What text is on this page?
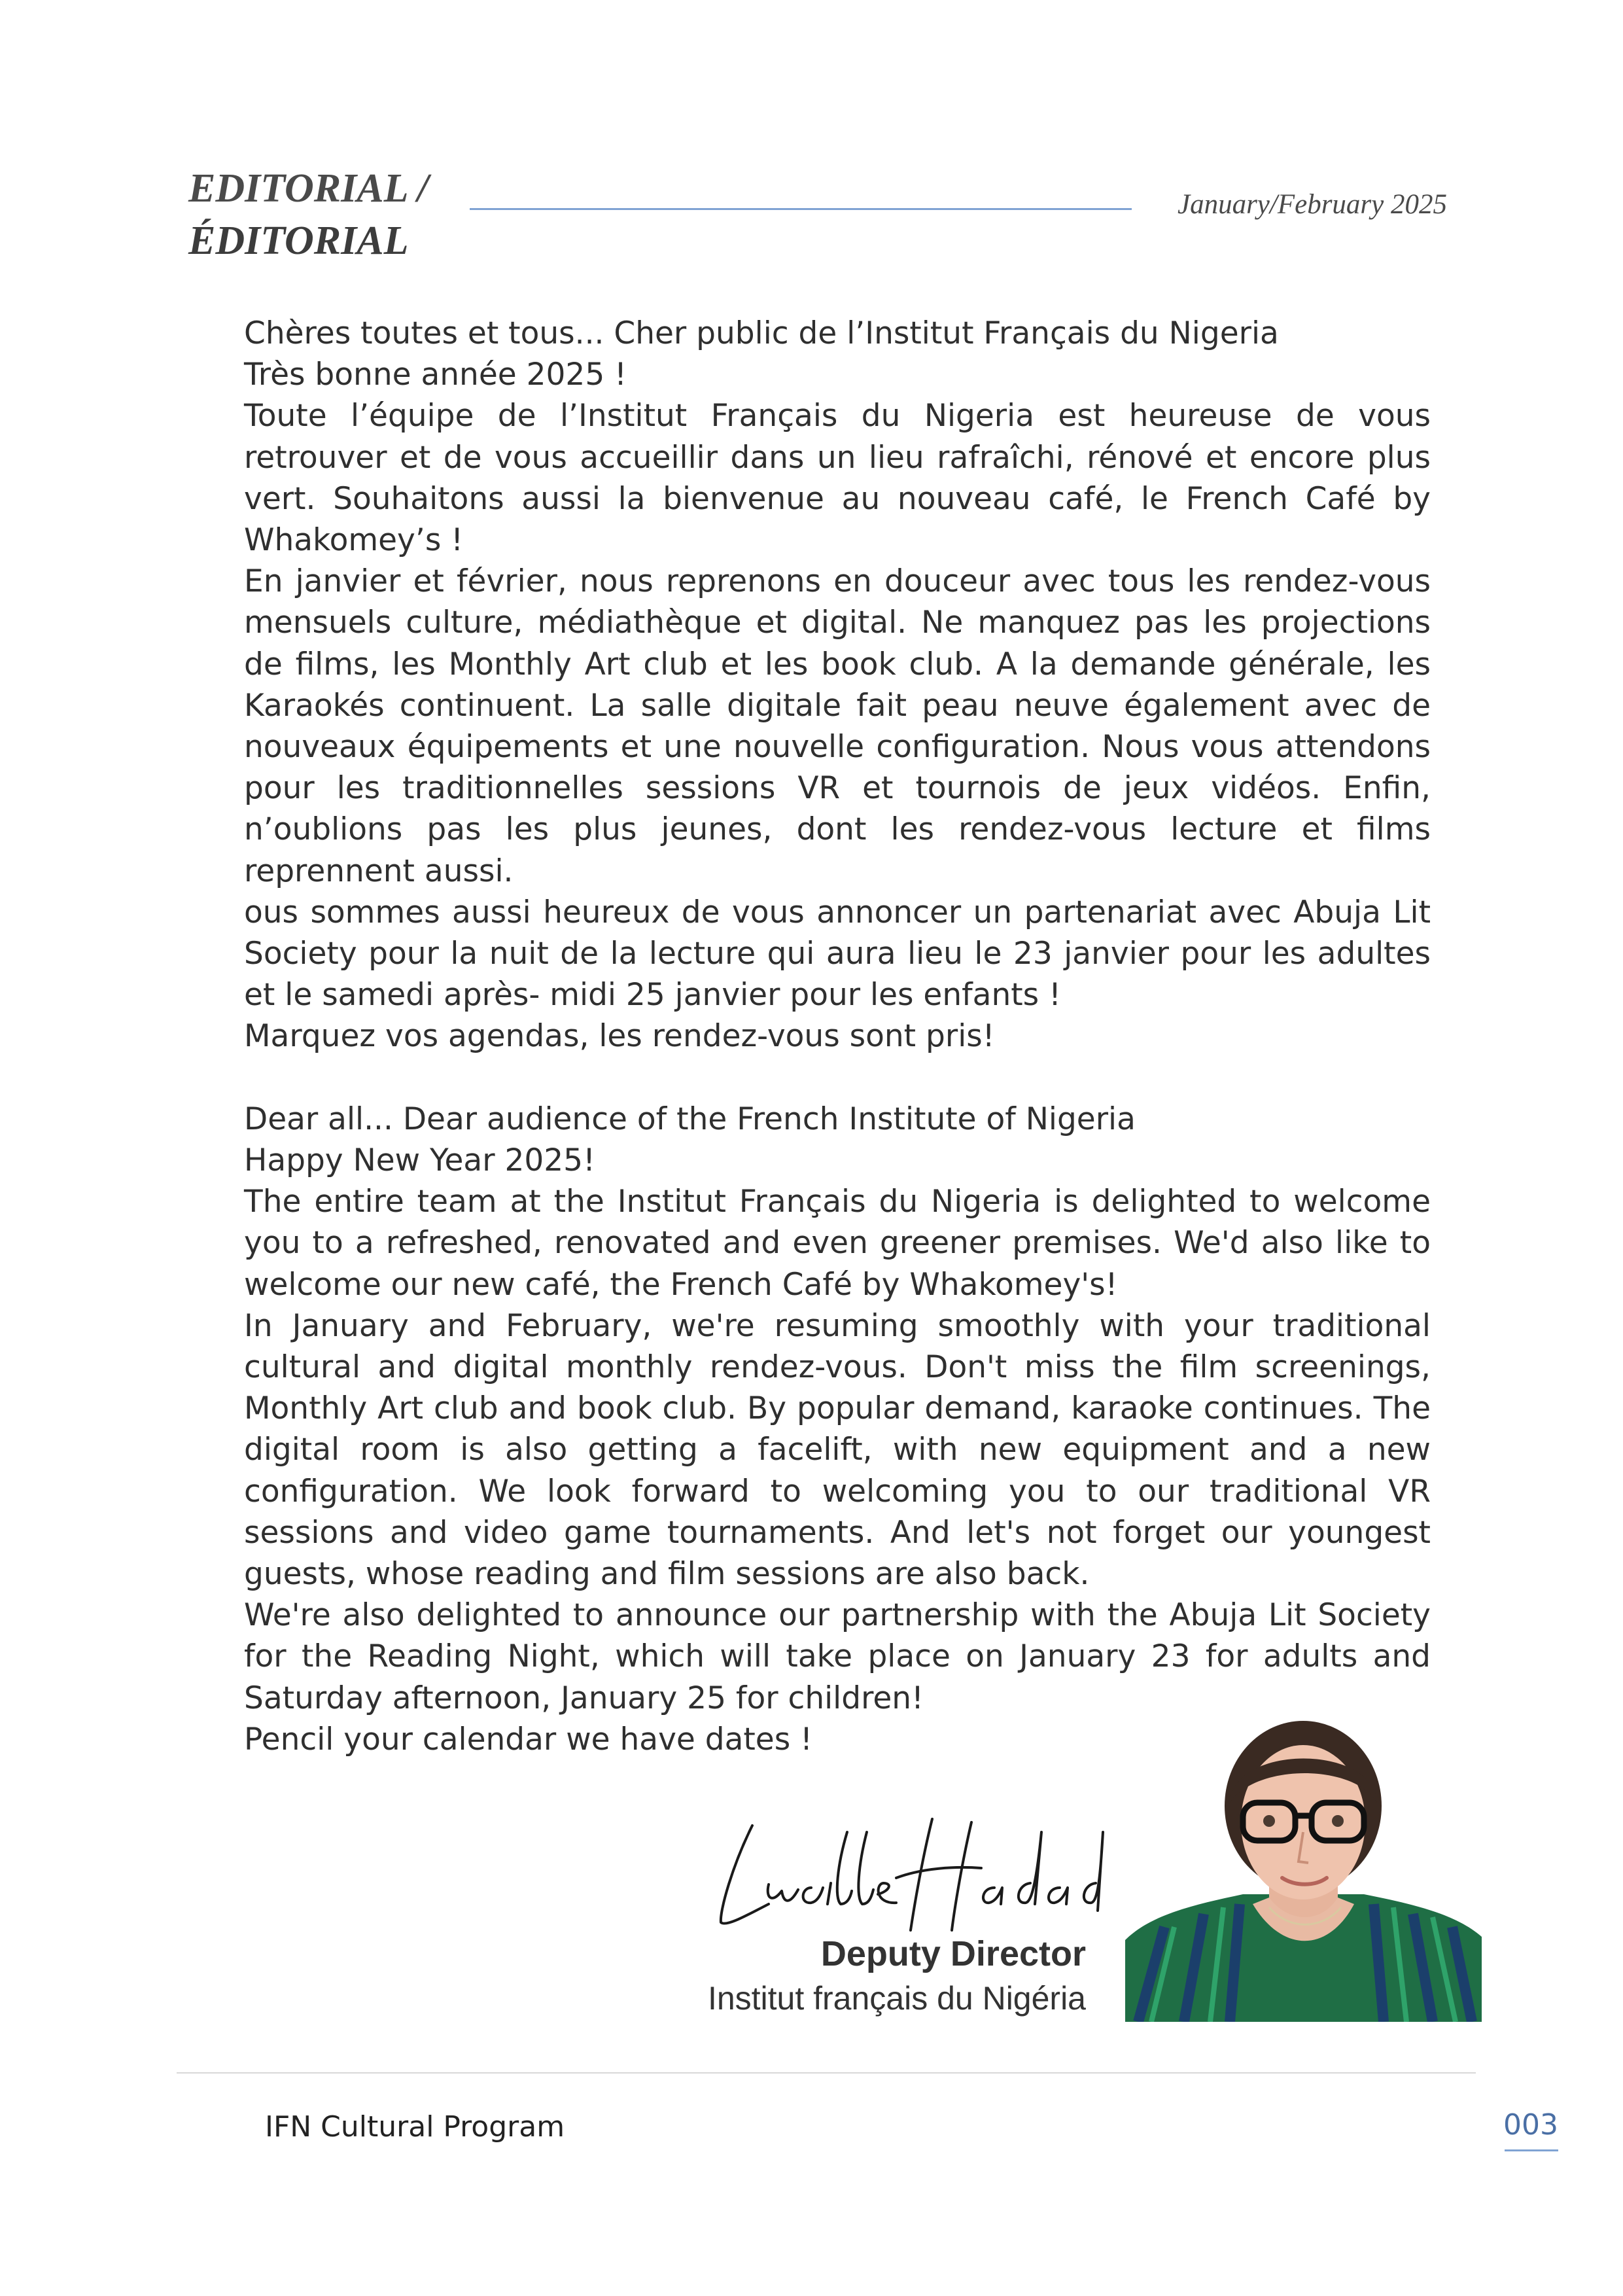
EDITORIAL /
ÉDITORIAL
January/February 2025

Chères toutes et tous... Cher public de l’Institut Français du Nigeria

Très bonne année 2025 !

Toute l’équipe de l’Institut Français du Nigeria est heureuse de vous retrouver et de vous accueillir dans un lieu rafraîchi, rénové et encore plus vert. Souhaitons aussi la bienvenue au nouveau café, le French Café by Whakomey’s !

En janvier et février, nous reprenons en douceur avec tous les rendez-vous mensuels culture, médiathèque et digital. Ne manquez pas les projections de films, les Monthly Art club et les book club. A la demande générale, les Karaokés continuent. La salle digitale fait peau neuve également avec de nouveaux équipements et une nouvelle configuration. Nous vous attendons pour les traditionnelles sessions VR et tournois de jeux vidéos. Enfin, n’oublions pas les plus jeunes, dont les rendez-vous lecture et films reprennent aussi.

ous sommes aussi heureux de vous annoncer un partenariat avec Abuja Lit Society pour la nuit de la lecture qui aura lieu le 23 janvier pour les adultes et le samedi après- midi 25 janvier pour les enfants !

Marquez vos agendas, les rendez-vous sont pris!

Dear all... Dear audience of the French Institute of Nigeria

Happy New Year 2025!

The entire team at the Institut Français du Nigeria is delighted to welcome you to a refreshed, renovated and even greener premises. We'd also like to welcome our new café, the French Café by Whakomey's!

In January and February, we're resuming smoothly with your traditional cultural and digital monthly rendez-vous. Don't miss the film screenings, Monthly Art club and book club. By popular demand, karaoke continues. The digital room is also getting a facelift, with new equipment and a new configuration. We look forward to welcoming you to our traditional VR sessions and video game tournaments. And let's not forget our youngest guests, whose reading and film sessions are also back.

We're also delighted to announce our partnership with the Abuja Lit Society for the Reading Night, which will take place on January 23 for adults and Saturday afternoon, January 25 for children!

Pencil your calendar we have dates !

Deputy Director
Institut français du Nigéria
IFN Cultural Program	003
